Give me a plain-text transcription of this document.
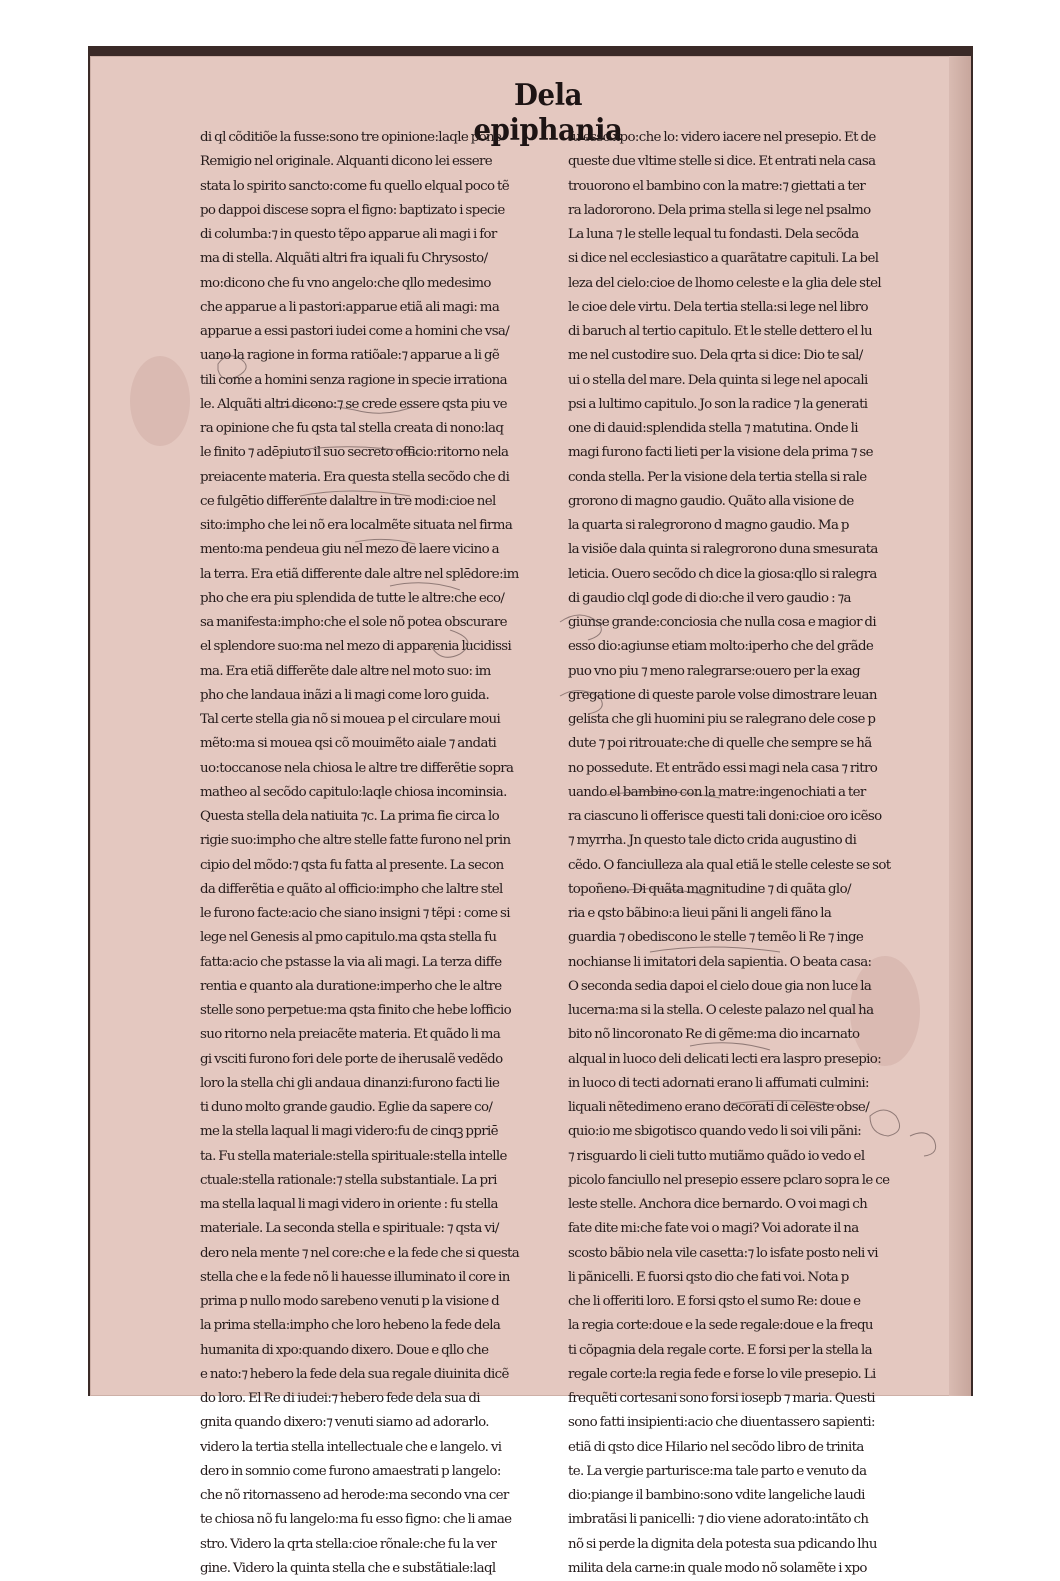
Dela epiphania
di ql cõditiõe la fusse:sono tre opinione:laqle pone
Remigio nel originale. Alquanti dicono lei essere
stata lo spirito sancto:come fu quello elqual poco tẽ
po dappoi discese sopra el figno: baptizato i specie
di columba:⁊ in questo tẽpo apparue ali magi i for
ma di stella. Alquãti altri fra iquali fu Chrysosto/
mo:dicono che fu vno angelo:che qllo medesimo
che apparue a li pastori:apparue etiã ali magi: ma
apparue a essi pastori iudei come a homini che vsa/
uano la ragione in forma ratiõale:⁊ apparue a li gẽ
tili come a homini senza ragione in specie irrationa
le. Alquãti altri dicono:⁊ se crede essere qsta piu ve
ra opinione che fu qsta tal stella creata di nono:laq
le finito ⁊ adēpiuto il suo secreto officio:ritorno nela
preiacente materia. Era questa stella secõdo che di
ce fulgētio differente dalaltre in tre modi:cioe nel
sito:impho che lei nõ era localmẽte situata nel firma
mento:ma pendeua giu nel mezo de laere vicino a
la terra. Era etiã differente dale altre nel splēdore:im
pho che era piu splendida de tutte le altre:che eco/
sa manifesta:impho:che el sole nõ potea obscurare
el splendore suo:ma nel mezo di apparenia lucidissi
ma. Era etiã differẽte dale altre nel moto suo: im
pho che landaua inãzi a li magi come loro guida.
Tal certe stella gia nõ si mouea p el circulare moui
mẽto:ma si mouea qsi cõ mouimẽto aiale ⁊ andati
uo:toccanose nela chiosa le altre tre differẽtie sopra
matheo al secõdo capitulo:laqle chiosa incominsia.
Questa stella dela natiuita ⁊c. La prima fie circa lo
rigie suo:impho che altre stelle fatte furono nel prin
cipio del mõdo:⁊ qsta fu fatta al presente. La secon
da differẽtia e quãto al officio:impho che laltre stel
le furono facte:acio che siano insigni ⁊ tẽpi : come si
lege nel Genesis al pmo capitulo.ma qsta stella fu
fatta:acio che pstasse la via ali magi. La terza diffe
rentia e quanto ala duratione:imperho che le altre
stelle sono perpetue:ma qsta finito che hebe lofficio
suo ritorno nela preiacẽte materia. Et quãdo li ma
gi vsciti furono fori dele porte de iherusalẽ vedẽdo
loro la stella chi gli andaua dinanzi:furono facti lie
ti duno molto grande gaudio. Eglie da sapere co/
me la stella laqual li magi videro:fu de cinqꝫ ppriē
ta. Fu stella materiale:stella spirituale:stella intelle
ctuale:stella rationale:⁊ stella substantiale. La pri
ma stella laqual li magi videro in oriente : fu stella
materiale. La seconda stella e spirituale: ⁊ qsta vi/
dero nela mente ⁊ nel core:che e la fede che si questa
stella che e la fede nõ li hauesse illuminato il core in
prima p nullo modo sarebeno venuti p la visione d
la prima stella:impho che loro hebeno la fede dela
humanita di xpo:quando dixero. Doue e qllo che
e nato:⁊ hebero la fede dela sua regale diuinita dicẽ
do loro. El Re di iudei:⁊ hebero fede dela sua di
gnita quando dixero:⁊ venuti siamo ad adorarlo.
videro la tertia stella intellectuale che e langelo. vi
dero in somnio come furono amaestrati p langelo:
che nõ ritornasseno ad herode:ma secondo vna cer
te chiosa nõ fu langelo:ma fu esso figno: che li amae
stro. Videro la qrta stella:cioe rõnale:che fu la ver
gine. Videro la quinta stella che e substãtiale:laql
fu esso xpo:che lo: videro iacere nel presepio. Et de
queste due vltime stelle si dice. Et entrati nela casa
trouorono el bambino con la matre:⁊ giettati a ter
ra ladororono. Dela prima stella si lege nel psalmo
La luna ⁊ le stelle lequal tu fondasti. Dela secõda
si dice nel ecclesiastico a quarãtatre capituli. La bel
leza del cielo:cioe de lhomo celeste e la glia dele stel
le cioe dele virtu. Dela tertia stella:si lege nel libro
di baruch al tertio capitulo. Et le stelle dettero el lu
me nel custodire suo. Dela qrta si dice: Dio te sal/
ui o stella del mare. Dela quinta si lege nel apocali
psi a lultimo capitulo. Jo son la radice ⁊ la generati
one di dauid:splendida stella ⁊ matutina. Onde li
magi furono facti lieti per la visione dela prima ⁊ se
conda stella. Per la visione dela tertia stella si rale
grorono di magno gaudio. Quãto alla visione de
la quarta si ralegrorono d magno gaudio. Ma p
la visiõe dala quinta si ralegrorono duna smesurata
leticia. Ouero secõdo ch dice la giosa:qllo si ralegra
di gaudio clql gode di dio:che il vero gaudio : ⁊a
giunse grande:conciosia che nulla cosa e magior di
esso dio:agiunse etiam molto:iperho che del grãde
puo vno piu ⁊ meno ralegrarse:ouero per la exag
gregatione di queste parole volse dimostrare leuan
gelista che gli huomini piu se ralegrano dele cose p
dute ⁊ poi ritrouate:che di quelle che sempre se hã
no possedute. Et entrãdo essi magi nela casa ⁊ ritro
uando el bambino con la matre:ingenochiati a ter
ra ciascuno li offerisce questi tali doni:cioe oro icẽso
⁊ myrrha. Jn questo tale dicto crida augustino di
cẽdo. O fanciulleza ala qual etiã le stelle celeste se sot
topoñeno. Di quãta magnitudine ⁊ di quãta glo/
ria e qsto bãbino:a lieui pãni li angeli fãno la
guardia ⁊ obediscono le stelle ⁊ temẽo li Re ⁊ inge
nochianse li imitatori dela sapientia. O beata casa:
O seconda sedia dapoi el cielo doue gia non luce la
lucerna:ma si la stella. O celeste palazo nel qual ha
bito nõ lincoronato Re di gẽme:ma dio incarnato
alqual in luoco deli delicati lecti era laspro presepio:
in luoco di tecti adornati erano li affumati culmini:
liquali nẽtedimeno erano decorati di celeste obse/
quio:io me sbigotisco quando vedo li soi vili pãni:
⁊ risguardo li cieli tutto mutiãmo quãdo io vedo el
picolo fanciullo nel presepio essere pclaro sopra le ce
leste stelle. Anchora dice bernardo. O voi magi ch
fate dite mi:che fate voi o magi? Voi adorate il na
scosto bãbio nela vile casetta:⁊ lo isfate posto neli vi
li pãnicelli. E fuorsi qsto dio che fati voi. Nota p
che li offeriti loro. E forsi qsto el sumo Re: doue e
la regia corte:doue e la sede regale:doue e la frequ
ti cõpagnia dela regale corte. E forsi per la stella la
regale corte:la regia fede e forse lo vile presepio. Li
frequẽti cortesani sono forsi iosepb ⁊ maria. Questi
sono fatti insipienti:acio che diuentassero sapienti:
etiã di qsto dice Hilario nel secõdo libro de trinita
te. La vergie parturisce:ma tale parto e venuto da
dio:piange il bambino:sono vdite langeliche laudi
imbratãsi li panicelli: ⁊ dio viene adorato:intãto ch
nõ si perde la dignita dela potesta sua pdicando lhu
milita dela carne:in quale modo nõ solamẽte i xpo
